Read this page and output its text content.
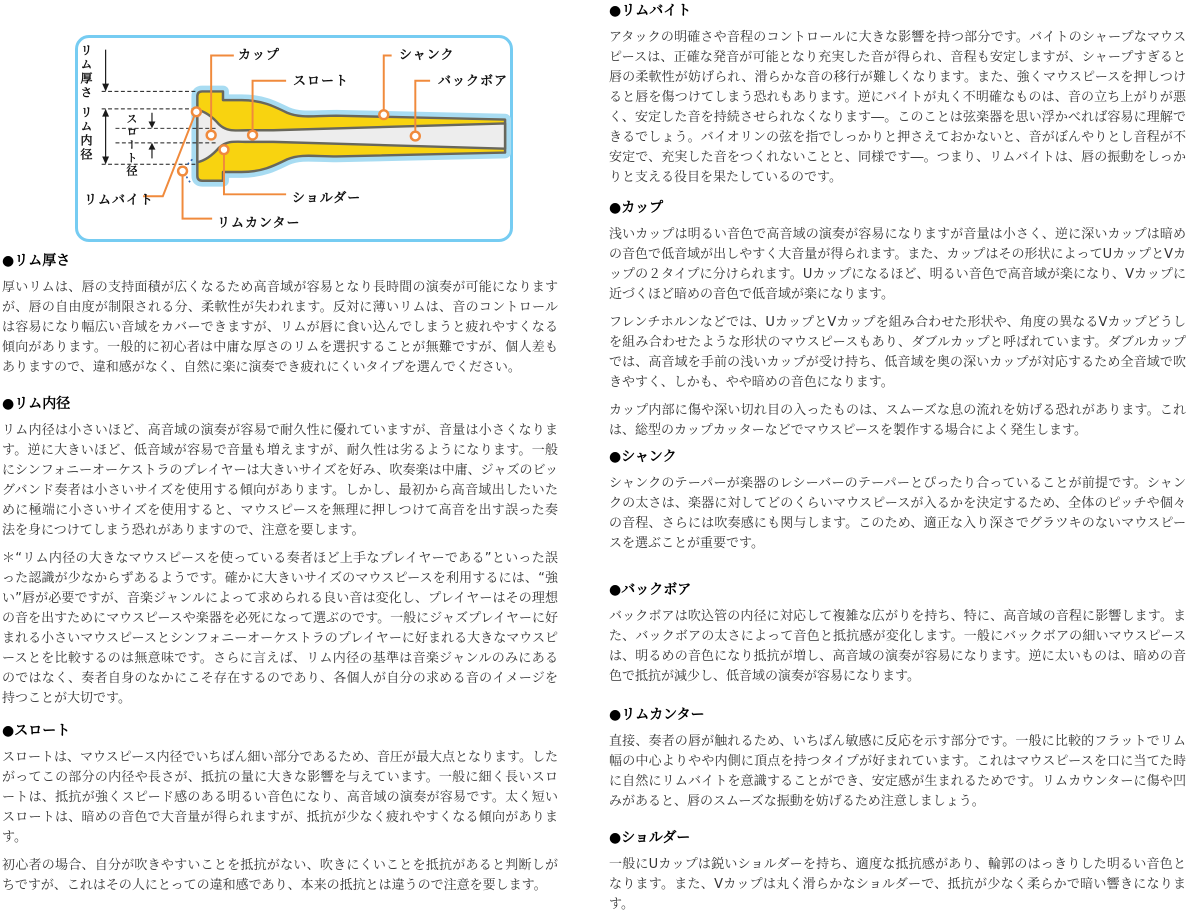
リム厚さ
リム内径	スロート径
カップ
スロート
シャンク
バックボア
リムバイト	ショルダー
リムカンター
●リム厚さ

厚いリムは、唇の支持面積が広くなるため高音域が容易となり長時間の演奏が可能になりますが、唇の自由度が制限される分、柔軟性が失われます。反対に薄いリムは、音のコントロールは容易になり幅広い音域をカバーできますが、リムが唇に食い込んでしまうと疲れやすくなる傾向があります。一般的に初心者は中庸な厚さのリムを選択することが無難ですが、個人差もありますので、違和感がなく、自然に楽に演奏でき疲れにくいタイプを選んでください。

●リム内径

リム内径は小さいほど、高音域の演奏が容易で耐久性に優れていますが、音量は小さくなります。逆に大きいほど、低音域が容易で音量も増えますが、耐久性は劣るようになります。一般にシンフォニーオーケストラのプレイヤーは大きいサイズを好み、吹奏楽は中庸、ジャズのビッグバンド奏者は小さいサイズを使用する傾向があります。しかし、最初から高音域出したいために極端に小さいサイズを使用すると、マウスピースを無理に押しつけて高音を出す誤った奏法を身につけてしまう恐れがありますので、注意を要します。

＊“リム内径の大きなマウスピースを使っている奏者ほど上手なプレイヤーである”といった誤った認識が少なからずあるようです。確かに大きいサイズのマウスピースを利用するには、“強い”唇が必要ですが、音楽ジャンルによって求められる良い音は変化し、プレイヤーはその理想の音を出すためにマウスピースや楽器を必死になって選ぶのです。一般にジャズプレイヤーに好まれる小さいマウスピースとシンフォニーオーケストラのプレイヤーに好まれる大きなマウスピースとを比較するのは無意味です。さらに言えば、リム内径の基準は音楽ジャンルのみにあるのではなく、奏者自身のなかにこそ存在するのであり、各個人が自分の求める音のイメージを持つことが大切です。

●スロート

スロートは、マウスピース内径でいちばん細い部分であるため、音圧が最大点となります。したがってこの部分の内径や長さが、抵抗の量に大きな影響を与えています。一般に細く長いスロートは、抵抗が強くスピード感のある明るい音色になり、高音域の演奏が容易です。太く短いスロートは、暗めの音色で大音量が得られますが、抵抗が少なく疲れやすくなる傾向があります。

初心者の場合、自分が吹きやすいことを抵抗がない、吹きにくいことを抵抗があると判断しがちですが、これはその人にとっての違和感であり、本来の抵抗とは違うので注意を要します。

●リムバイト

アタックの明確さや音程のコントロールに大きな影響を持つ部分です。バイトのシャープなマウスピースは、正確な発音が可能となり充実した音が得られ、音程も安定しますが、シャープすぎると唇の柔軟性が妨げられ、滑らかな音の移行が難しくなります。また、強くマウスピースを押しつけると唇を傷つけてしまう恐れもあります。逆にバイトが丸く不明確なものは、音の立ち上がりが悪く、安定した音を持続させられなくなります―。このことは弦楽器を思い浮かべれば容易に理解できるでしょう。バイオリンの弦を指でしっかりと押さえておかないと、音がぼんやりとし音程が不安定で、充実した音をつくれないことと、同様です―。つまり、リムバイトは、唇の振動をしっかりと支える役目を果たしているのです。

●カップ

浅いカップは明るい音色で高音域の演奏が容易になりますが音量は小さく、逆に深いカップは暗めの音色で低音域が出しやすく大音量が得られます。また、カップはその形状によってUカップとVカップの２タイプに分けられます。Uカップになるほど、明るい音色で高音域が楽になり、Vカップに近づくほど暗めの音色で低音域が楽になります。

フレンチホルンなどでは、UカップとVカップを組み合わせた形状や、角度の異なるVカップどうしを組み合わせたような形状のマウスピースもあり、ダブルカップと呼ばれています。ダブルカップでは、高音域を手前の浅いカップが受け持ち、低音域を奥の深いカップが対応するため全音域で吹きやすく、しかも、やや暗めの音色になります。

カップ内部に傷や深い切れ目の入ったものは、スムーズな息の流れを妨げる恐れがあります。これは、総型のカップカッターなどでマウスピースを製作する場合によく発生します。

●シャンク

シャンクのテーパーが楽器のレシーバーのテーパーとぴったり合っていることが前提です。シャンクの太さは、楽器に対してどのくらいマウスピースが入るかを決定するため、全体のピッチや個々の音程、さらには吹奏感にも関与します。このため、適正な入り深さでグラツキのないマウスピースを選ぶことが重要です。

●バックボア

バックボアは吹込管の内径に対応して複雑な広がりを持ち、特に、高音域の音程に影響します。また、バックボアの太さによって音色と抵抗感が変化します。一般にバックボアの細いマウスピースは、明るめの音色になり抵抗が増し、高音域の演奏が容易になります。逆に太いものは、暗めの音色で抵抗が減少し、低音域の演奏が容易になります。

●リムカンター

直接、奏者の唇が触れるため、いちばん敏感に反応を示す部分です。一般に比較的フラットでリム幅の中心よりやや内側に頂点を持つタイプが好まれています。これはマウスピースを口に当てた時に自然にリムバイトを意識することができ、安定感が生まれるためです。リムカウンターに傷や凹みがあると、唇のスムーズな振動を妨げるため注意しましょう。

●ショルダー

一般にUカップは鋭いショルダーを持ち、適度な抵抗感があり、輪郭のはっきりした明るい音色となります。また、Vカップは丸く滑らかなショルダーで、抵抗が少なく柔らかで暗い響きになります。
